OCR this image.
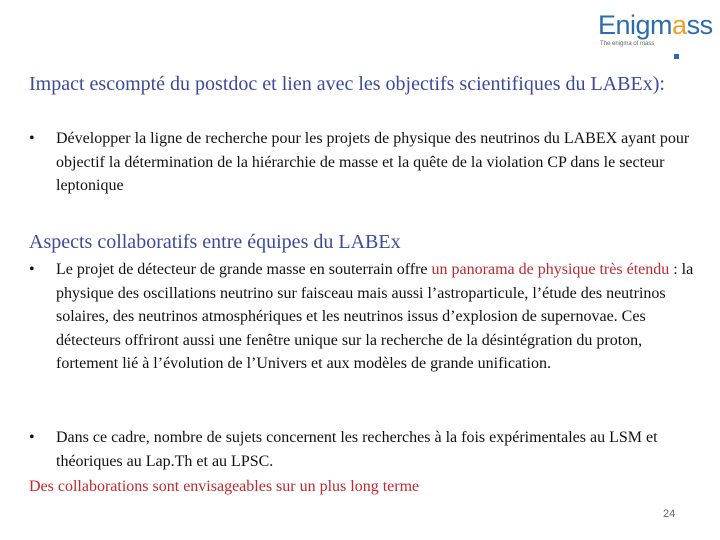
Enigmass
The enigma of mass
Impact escompté du postdoc et lien avec les objectifs scientifiques du LABEx):
• Développer la ligne de recherche pour les projets de physique des neutrinos du LABEX ayant pour objectif la détermination de la hiérarchie de masse et la quête de la violation CP dans le secteur leptonique
Aspects collaboratifs entre équipes du LABEx
• Le projet de détecteur de grande masse en souterrain offre un panorama de physique très étendu : la physique des oscillations neutrino sur faisceau mais aussi l’astroparticule, l’étude des neutrinos solaires, des neutrinos atmosphériques et les neutrinos issus d’explosion de supernovae. Ces détecteurs offriront aussi une fenêtre unique sur la recherche de la désintégration du proton, fortement lié à l’évolution de l’Univers et aux modèles de grande unification.
• Dans ce cadre, nombre de sujets concernent les recherches à la fois expérimentales au LSM et théoriques au Lap.Th et au LPSC.
Des collaborations sont envisageables sur un plus long terme
24
